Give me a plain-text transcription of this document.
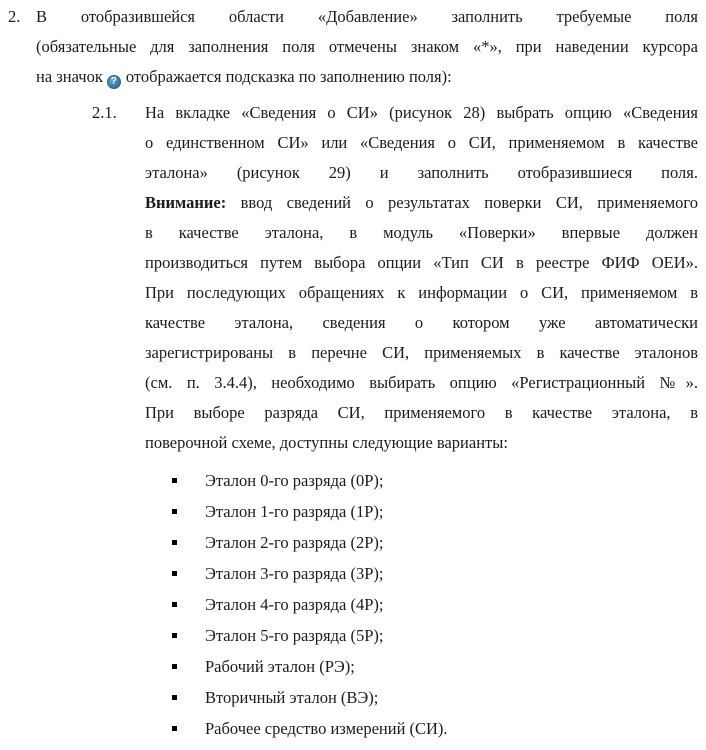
2. В отобразившейся области «Добавление» заполнить требуемые поля
(обязательные для заполнения поля отмечены знаком «*», при наведении курсора
на значок ? отображается подсказка по заполнению поля):
2.1. На вкладке «Сведения о СИ» (рисунок 28) выбрать опцию «Сведения
о единственном СИ» или «Сведения о СИ, применяемом в качестве
эталона» (рисунок 29) и заполнить отобразившиеся поля.
Внимание: ввод сведений о результатах поверки СИ, применяемого
в качестве эталона, в модуль «Поверки» впервые должен
производиться путем выбора опции «Тип СИ в реестре ФИФ ОЕИ».
При последующих обращениях к информации о СИ, применяемом в
качестве эталона, сведения о котором уже автоматически
зарегистрированы в перечне СИ, применяемых в качестве эталонов
(см. п. 3.4.4), необходимо выбирать опцию «Регистрационный №».
При выборе разряда СИ, применяемого в качестве эталона, в
поверочной схеме, доступны следующие варианты:
Эталон 0-го разряда (0Р);
Эталон 1-го разряда (1Р);
Эталон 2-го разряда (2Р);
Эталон 3-го разряда (3Р);
Эталон 4-го разряда (4Р);
Эталон 5-го разряда (5Р);
Рабочий эталон (РЭ);
Вторичный эталон (ВЭ);
Рабочее средство измерений (СИ).
